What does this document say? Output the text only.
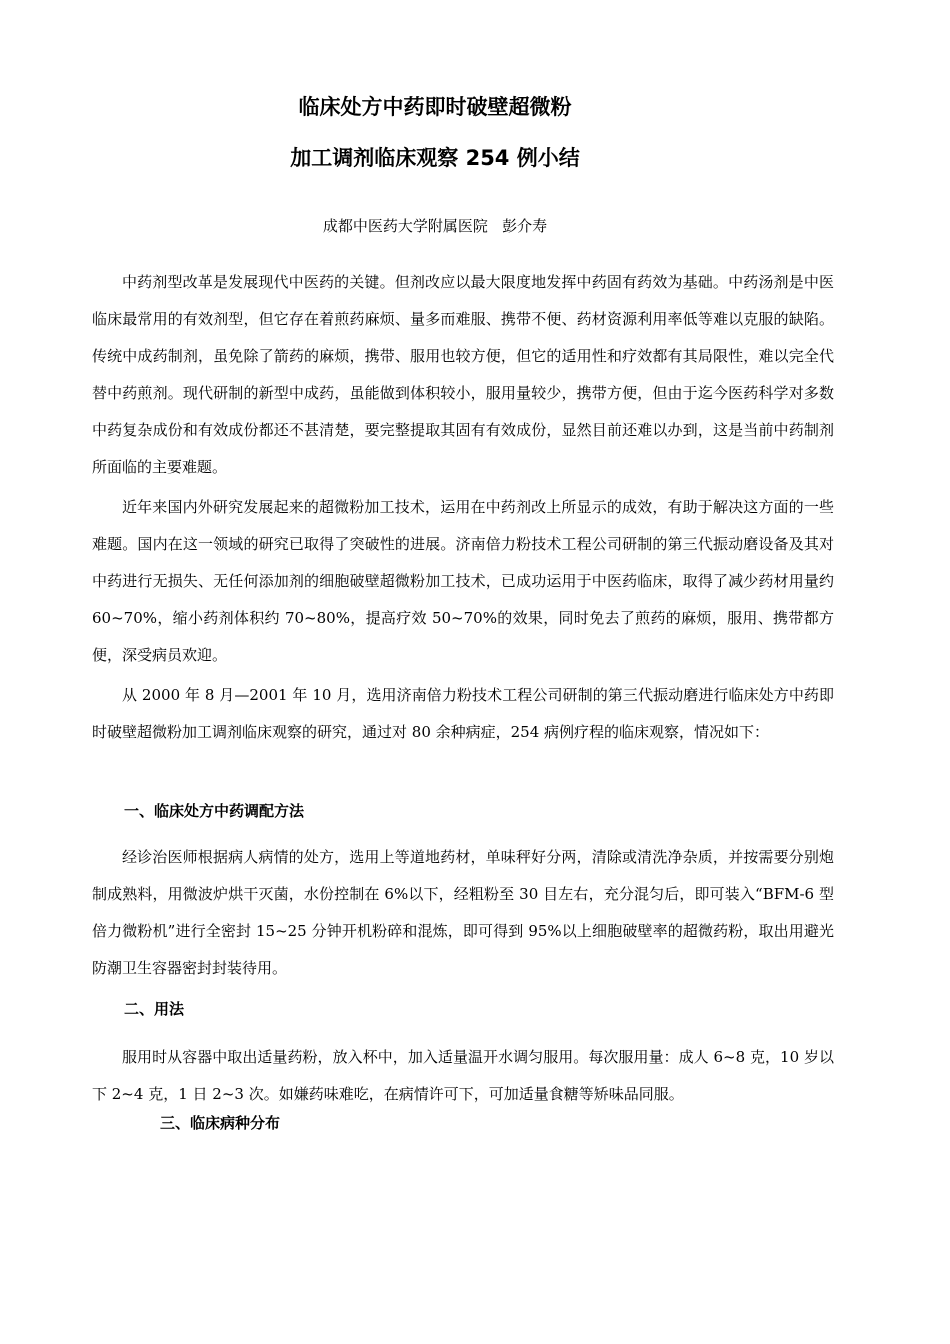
临床处方中药即时破壁超微粉
加工调剂临床观察 254 例小结
成都中医药大学附属医院   彭介寿

中药剂型改革是发展现代中医药的关键。但剂改应以最大限度地发挥中药固有药效为基础。中药汤剂是中医临床最常用的有效剂型，但它存在着煎药麻烦、量多而难服、携带不便、药材资源利用率低等难以克服的缺陷。传统中成药制剂，虽免除了箭药的麻烦，携带、服用也较方便，但它的适用性和疗效都有其局限性，难以完全代替中药煎剂。现代研制的新型中成药，虽能做到体积较小，服用量较少，携带方便，但由于迄今医药科学对多数中药复杂成份和有效成份都还不甚清楚，要完整提取其固有有效成份，显然目前还难以办到，这是当前中药制剂所面临的主要难题。

近年来国内外研究发展起来的超微粉加工技术，运用在中药剂改上所显示的成效，有助于解决这方面的一些难题。国内在这一领域的研究已取得了突破性的进展。济南倍力粉技术工程公司研制的第三代振动磨设备及其对中药进行无损失、无任何添加剂的细胞破壁超微粉加工技术，已成功运用于中医药临床，取得了减少药材用量约 60~70%，缩小药剂体积约 70~80%，提高疗效 50~70%的效果，同时免去了煎药的麻烦，服用、携带都方便，深受病员欢迎。

从 2000 年 8 月—2001 年 10 月，选用济南倍力粉技术工程公司研制的第三代振动磨进行临床处方中药即时破壁超微粉加工调剂临床观察的研究，通过对 80 余种病症，254 病例疗程的临床观察，情况如下：

一、临床处方中药调配方法

经诊治医师根据病人病情的处方，选用上等道地药材，单味秤好分两，清除或清洗净杂质，并按需要分别炮制成熟料，用微波炉烘干灭菌，水份控制在 6%以下，经粗粉至 30 目左右，充分混匀后，即可装入“BFM-6 型倍力微粉机”进行全密封 15~25 分钟开机粉碎和混炼，即可得到 95%以上细胞破壁率的超微药粉，取出用避光防潮卫生容器密封封装待用。

二、用法

服用时从容器中取出适量药粉，放入杯中，加入适量温开水调匀服用。每次服用量：成人 6~8 克，10 岁以下 2~4 克，1 日 2~3 次。如嫌药味难吃，在病情许可下，可加适量食糖等矫味品同服。

三、临床病种分布
